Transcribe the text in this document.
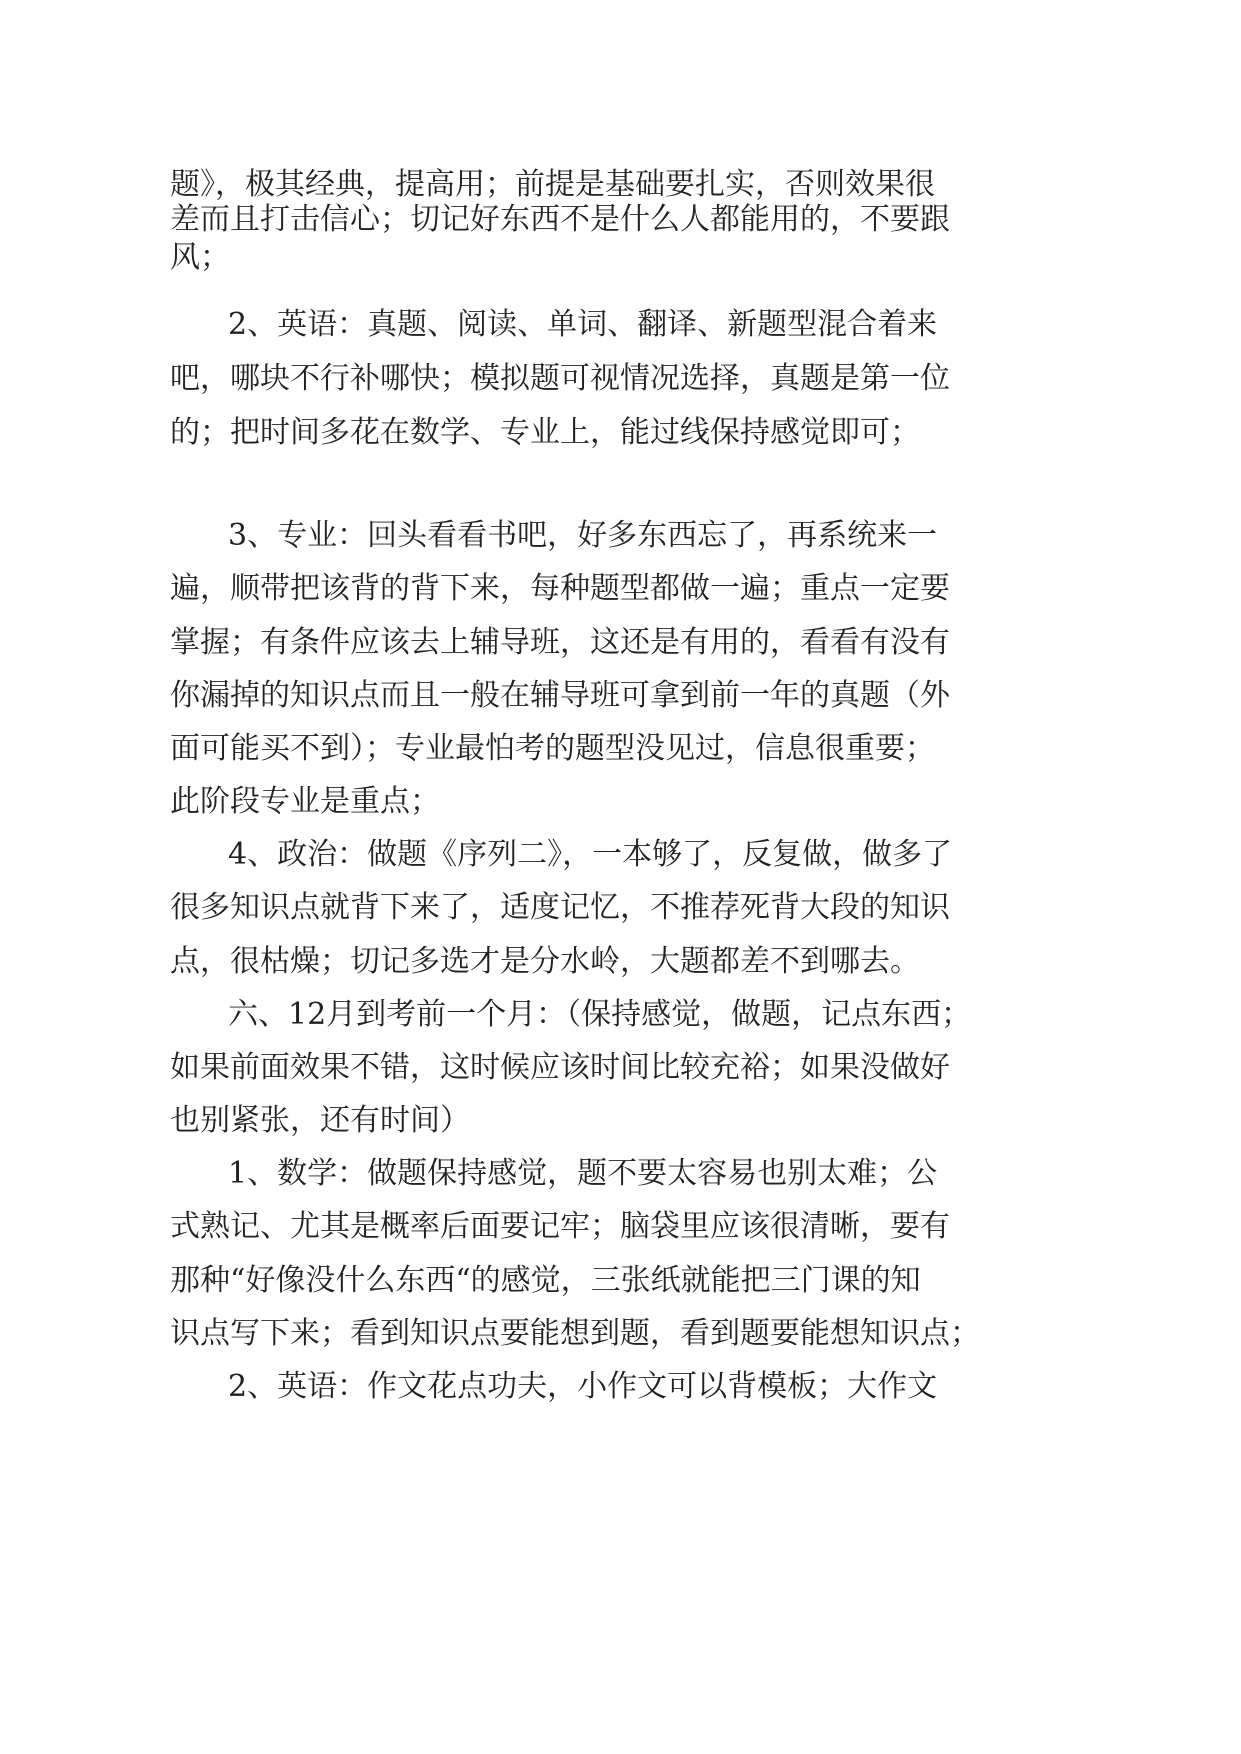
题》，极其经典，提高用；前提是基础要扎实，否则效果很
差而且打击信心；切记好东西不是什么人都能用的，不要跟
风；
2、英语：真题、阅读、单词、翻译、新题型混合着来
吧，哪块不行补哪快；模拟题可视情况选择，真题是第一位
的；把时间多花在数学、专业上，能过线保持感觉即可；
3、专业：回头看看书吧，好多东西忘了，再系统来一
遍，顺带把该背的背下来，每种题型都做一遍；重点一定要
掌握；有条件应该去上辅导班，这还是有用的，看看有没有
你漏掉的知识点而且一般在辅导班可拿到前一年的真题（外
面可能买不到）；专业最怕考的题型没见过，信息很重要；
此阶段专业是重点；
4、政治：做题《序列二》，一本够了，反复做，做多了
很多知识点就背下来了，适度记忆，不推荐死背大段的知识
点，很枯燥；切记多选才是分水岭，大题都差不到哪去。
六、12月到考前一个月：（保持感觉，做题，记点东西；
如果前面效果不错，这时候应该时间比较充裕；如果没做好
也别紧张，还有时间）
1、数学：做题保持感觉，题不要太容易也别太难；公
式熟记、尤其是概率后面要记牢；脑袋里应该很清晰，要有
那种“好像没什么东西“的感觉，三张纸就能把三门课的知
识点写下来；看到知识点要能想到题，看到题要能想知识点；
2、英语：作文花点功夫，小作文可以背模板；大作文
